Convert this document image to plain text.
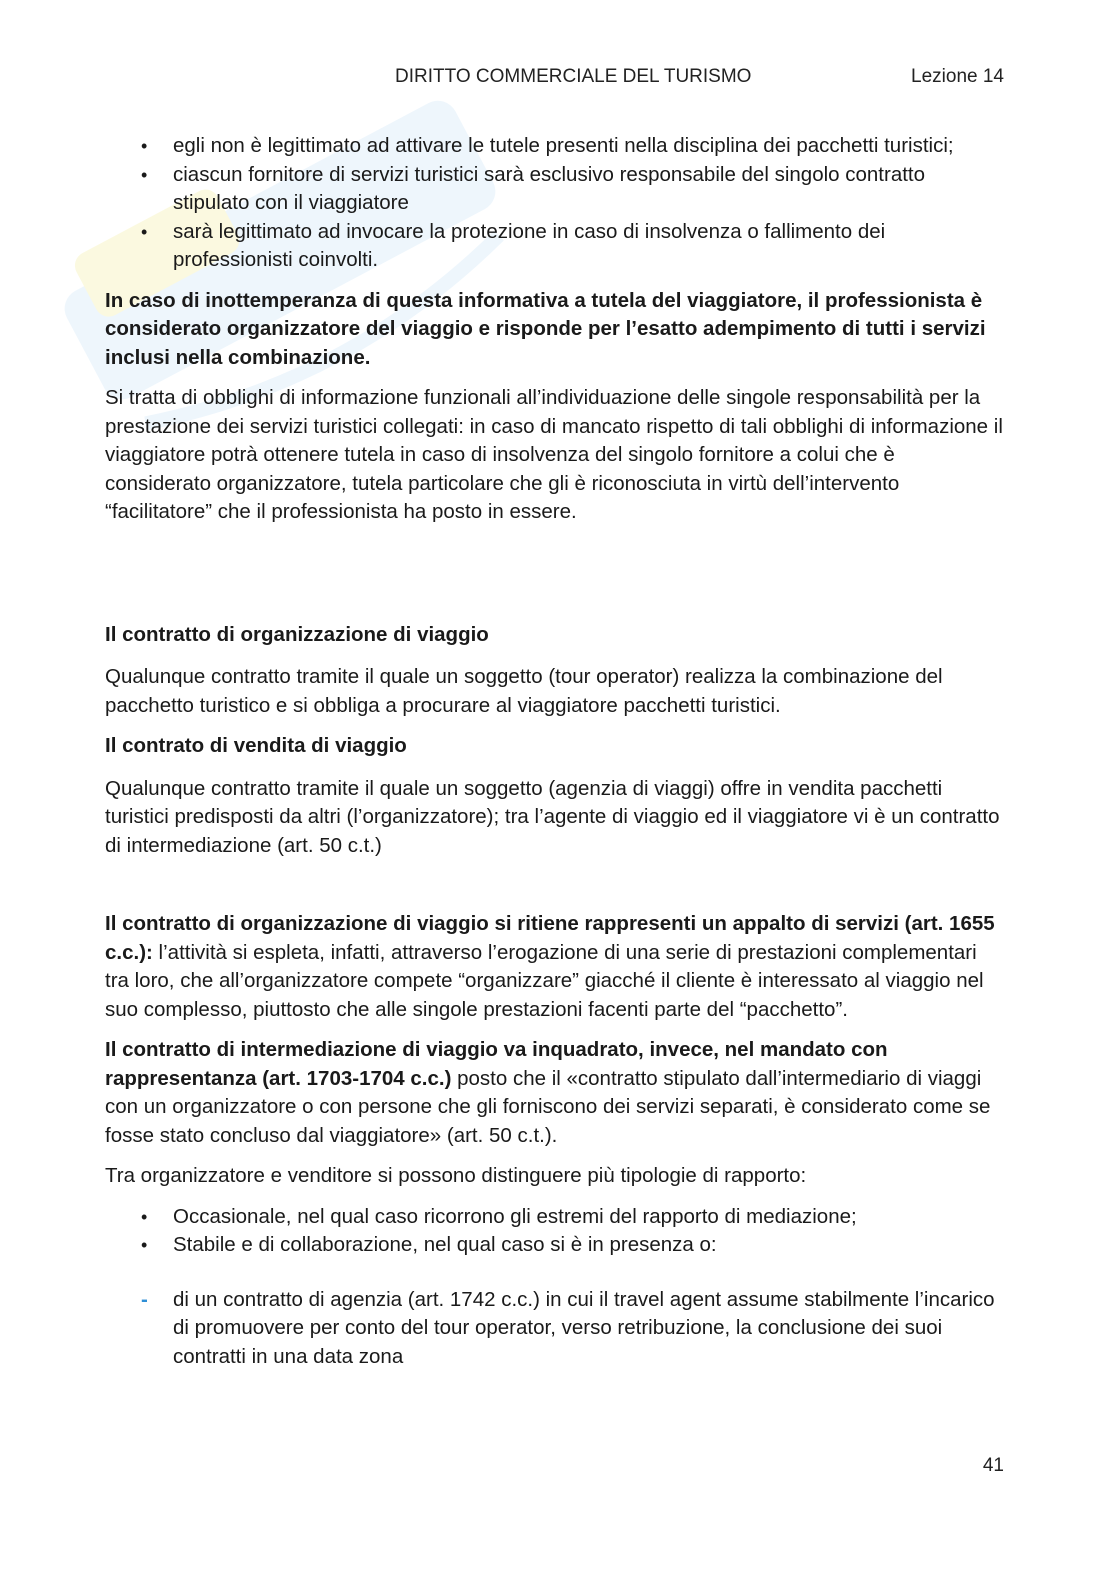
DIRITTO COMMERCIALE DEL TURISMO	Lezione 14
• egli non è legittimato ad attivare le tutele presenti nella disciplina dei pacchetti turistici;
• ciascun fornitore di servizi turistici sarà esclusivo responsabile del singolo contratto stipulato con il viaggiatore
• sarà legittimato ad invocare la protezione in caso di insolvenza o fallimento dei professionisti coinvolti.

In caso di inottemperanza di questa informativa a tutela del viaggiatore, il professionista è considerato organizzatore del viaggio e risponde per l’esatto adempimento di tutti i servizi inclusi nella combinazione.

Si tratta di obblighi di informazione funzionali all’individuazione delle singole responsabilità per la prestazione dei servizi turistici collegati: in caso di mancato rispetto di tali obblighi di informazione il viaggiatore potrà ottenere tutela in caso di insolvenza del singolo fornitore a colui che è considerato organizzatore, tutela particolare che gli è riconosciuta in virtù dell’intervento “facilitatore” che il professionista ha posto in essere.

Il contratto di organizzazione di viaggio

Qualunque contratto tramite il quale un soggetto (tour operator) realizza la combinazione del pacchetto turistico e si obbliga a procurare al viaggiatore pacchetti turistici.

Il contrato di vendita di viaggio

Qualunque contratto tramite il quale un soggetto (agenzia di viaggi) offre in vendita pacchetti turistici predisposti da altri (l’organizzatore); tra l’agente di viaggio ed il viaggiatore vi è un contratto di intermediazione (art. 50 c.t.)

Il contratto di organizzazione di viaggio si ritiene rappresenti un appalto di servizi (art. 1655 c.c.): l’attività si espleta, infatti, attraverso l’erogazione di una serie di prestazioni complementari tra loro, che all’organizzatore compete “organizzare” giacché il cliente è interessato al viaggio nel suo complesso, piuttosto che alle singole prestazioni facenti parte del “pacchetto”.

Il contratto di intermediazione di viaggio va inquadrato, invece, nel mandato con rappresentanza (art. 1703-1704 c.c.) posto che il «contratto stipulato dall’intermediario di viaggi con un organizzatore o con persone che gli forniscono dei servizi separati, è considerato come se fosse stato concluso dal viaggiatore» (art. 50 c.t.).

Tra organizzatore e venditore si possono distinguere più tipologie di rapporto:

• Occasionale, nel qual caso ricorrono gli estremi del rapporto di mediazione;
• Stabile e di collaborazione, nel qual caso si è in presenza o:
- di un contratto di agenzia (art. 1742 c.c.) in cui il travel agent assume stabilmente l’incarico di promuovere per conto del tour operator, verso retribuzione, la conclusione dei suoi contratti in una data zona
41
